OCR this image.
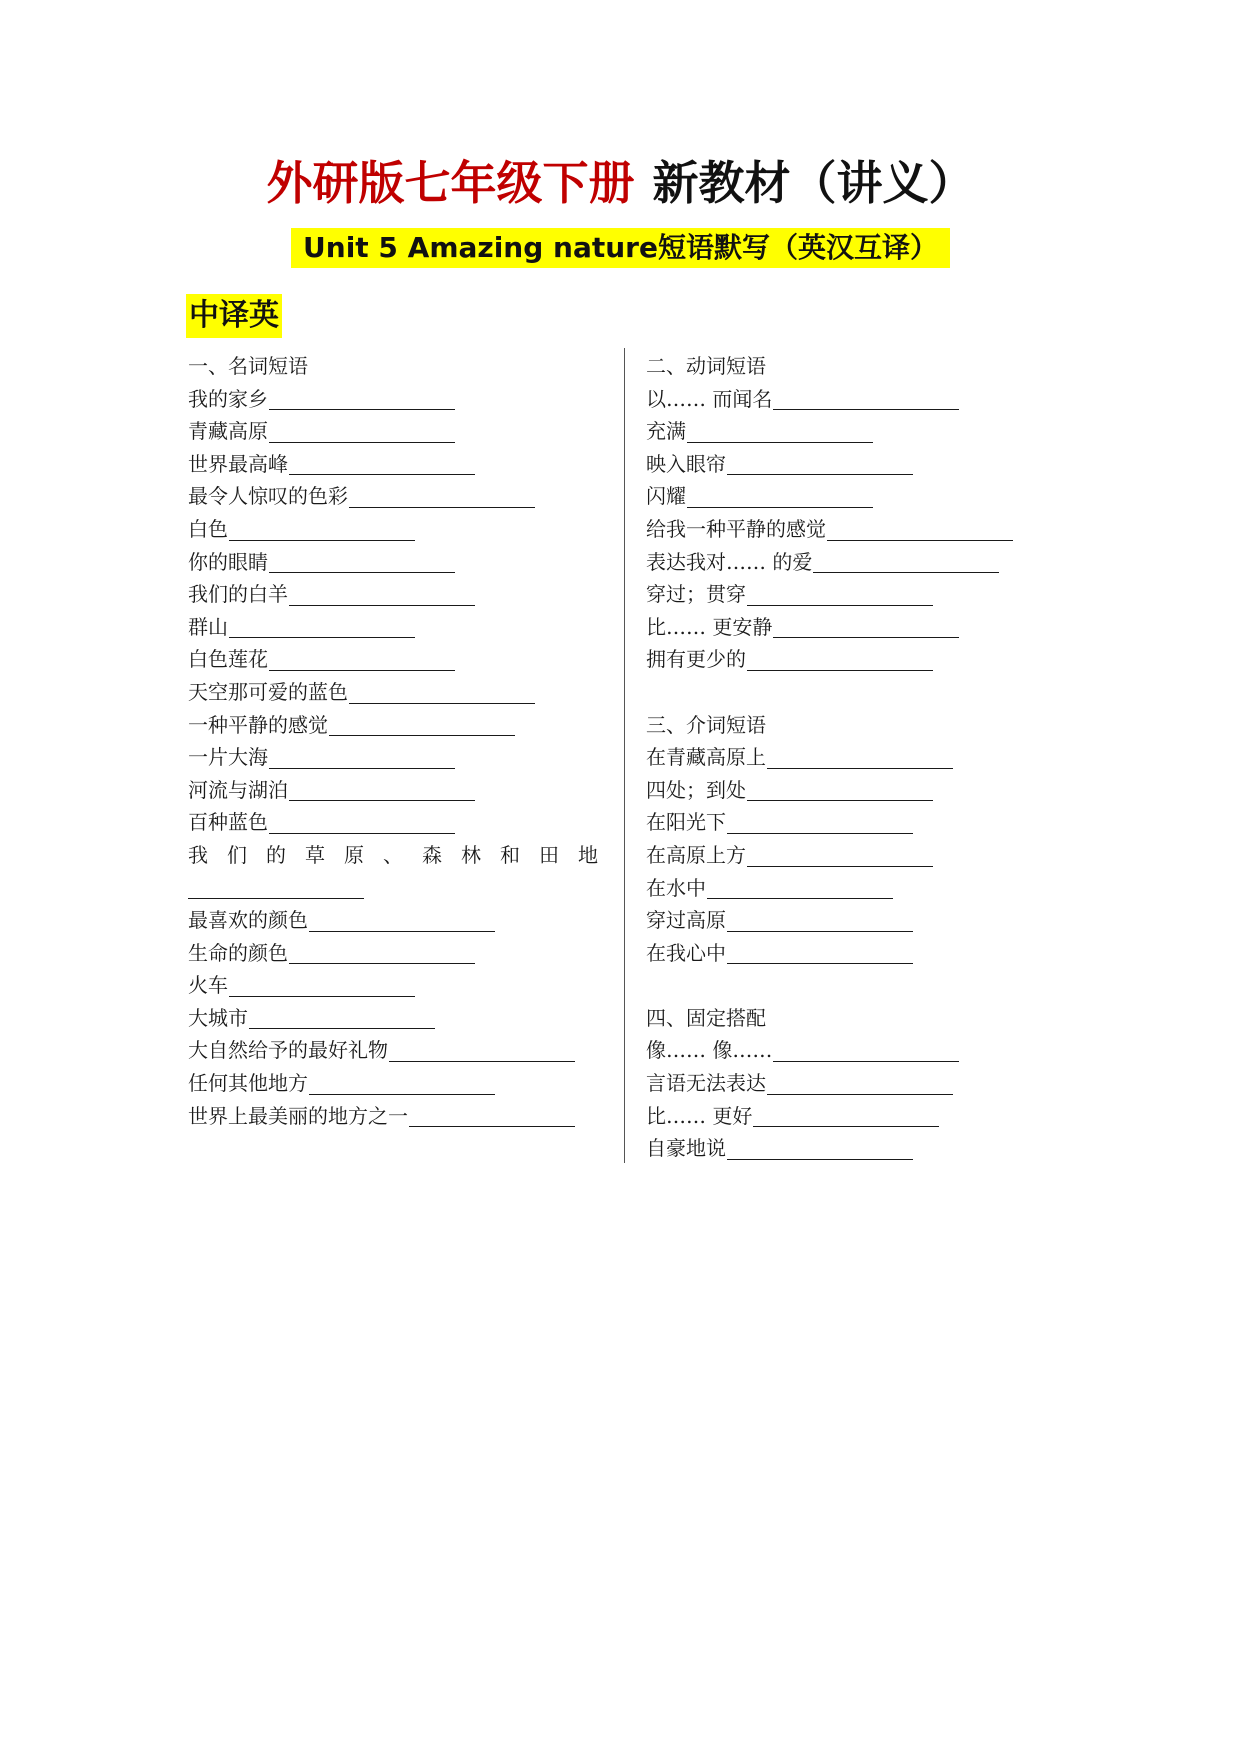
外研版七年级下册 新教材（讲义）
Unit 5 Amazing nature短语默写（英汉互译）
中译英
一、名词短语
我的家乡
青藏高原
世界最高峰
最令人惊叹的色彩
白色
你的眼睛
我们的白羊
群山
白色莲花
天空那可爱的蓝色
一种平静的感觉
一片大海
河流与湖泊
百种蓝色
我 们 的 草 原 、 森 林 和 田 地
最喜欢的颜色
生命的颜色
火车
大城市
大自然给予的最好礼物
任何其他地方
世界上最美丽的地方之一
二、动词短语
以…… 而闻名
充满
映入眼帘
闪耀
给我一种平静的感觉
表达我对…… 的爱
穿过；贯穿
比…… 更安静
拥有更少的
三、介词短语
在青藏高原上
四处；到处
在阳光下
在高原上方
在水中
穿过高原
在我心中
四、固定搭配
像…… 像……
言语无法表达
比…… 更好
自豪地说
